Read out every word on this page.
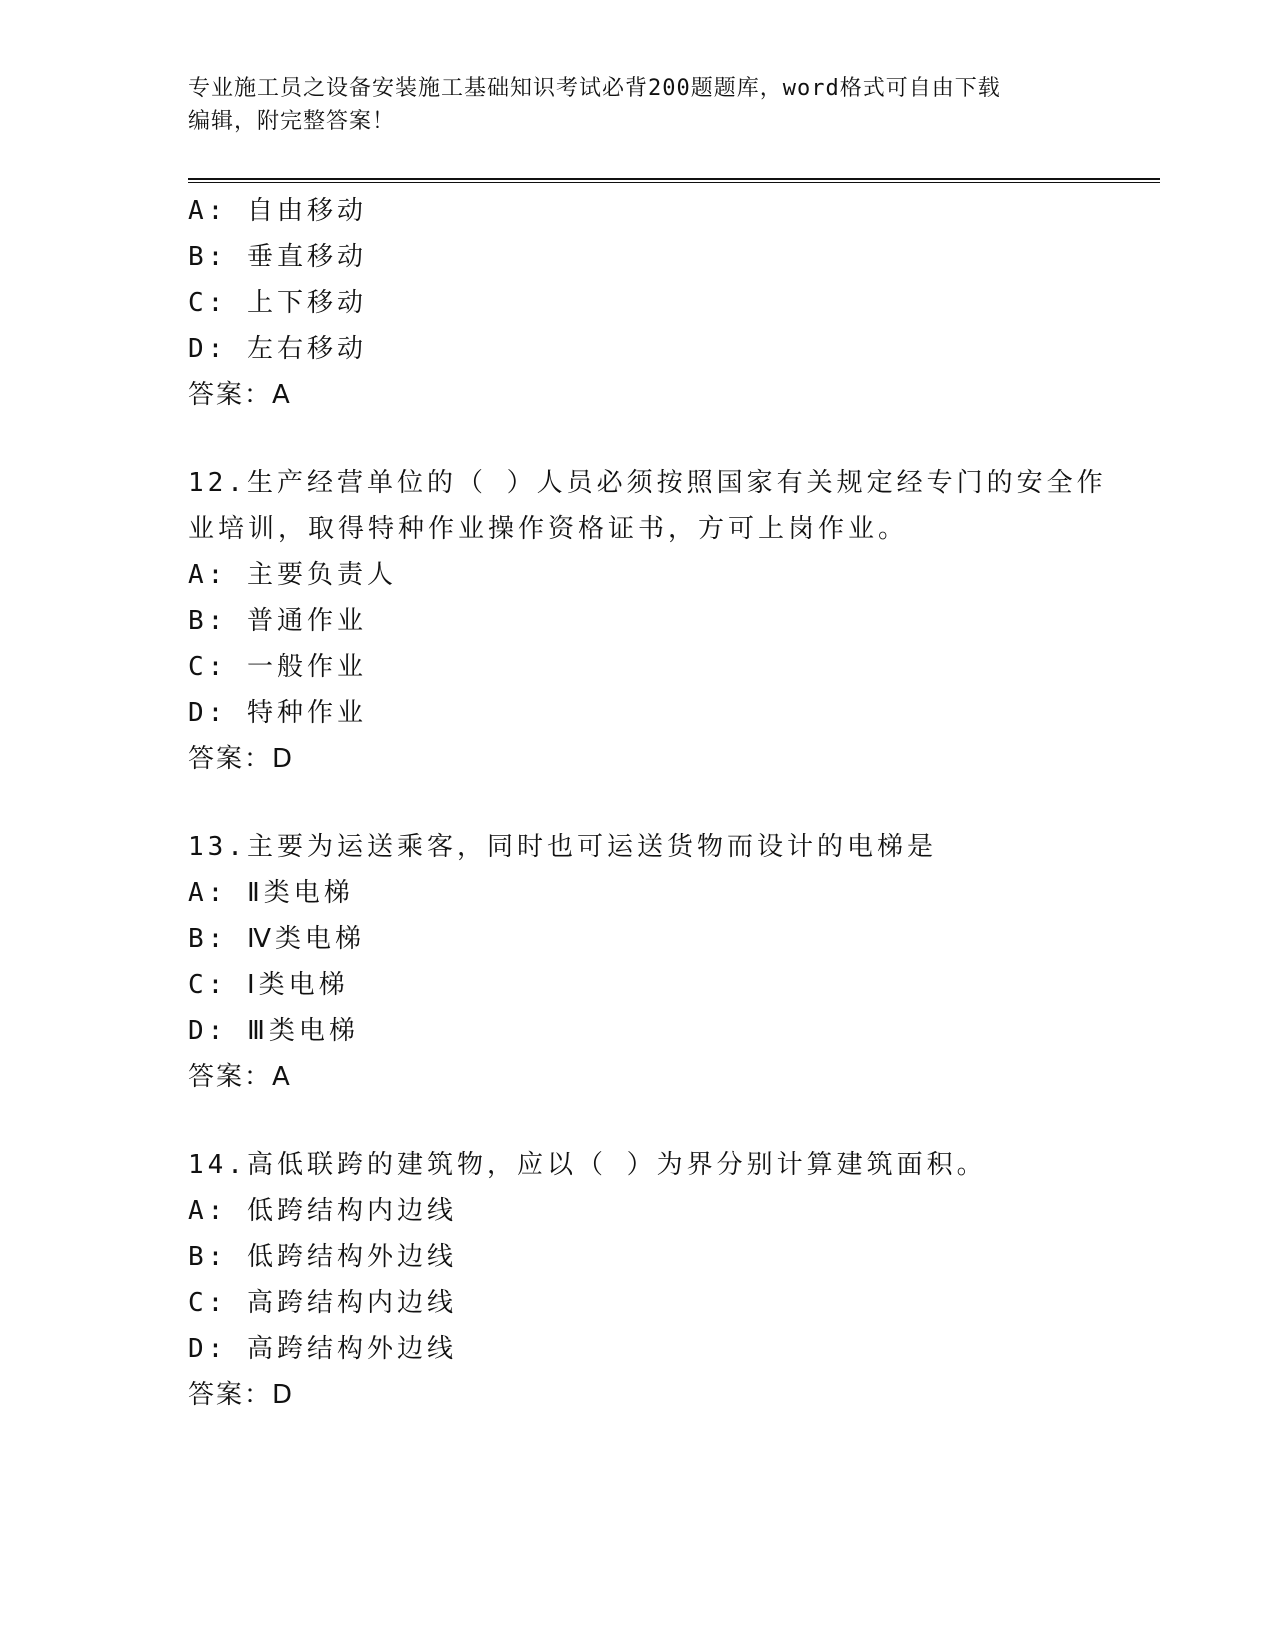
专业施工员之设备安装施工基础知识考试必背200题题库，word格式可自由下载
编辑，附完整答案！
A: 自由移动
B: 垂直移动
C: 上下移动
D: 左右移动
答案：A
12.生产经营单位的（ ）人员必须按照国家有关规定经专门的安全作
业培训，取得特种作业操作资格证书，方可上岗作业。
A: 主要负责人
B: 普通作业
C: 一般作业
D: 特种作业
答案：D
13.主要为运送乘客，同时也可运送货物而设计的电梯是
A: Ⅱ类电梯
B: Ⅳ类电梯
C: Ⅰ类电梯
D: Ⅲ类电梯
答案：A
14.高低联跨的建筑物，应以（ ）为界分别计算建筑面积。
A: 低跨结构内边线
B: 低跨结构外边线
C: 高跨结构内边线
D: 高跨结构外边线
答案：D
